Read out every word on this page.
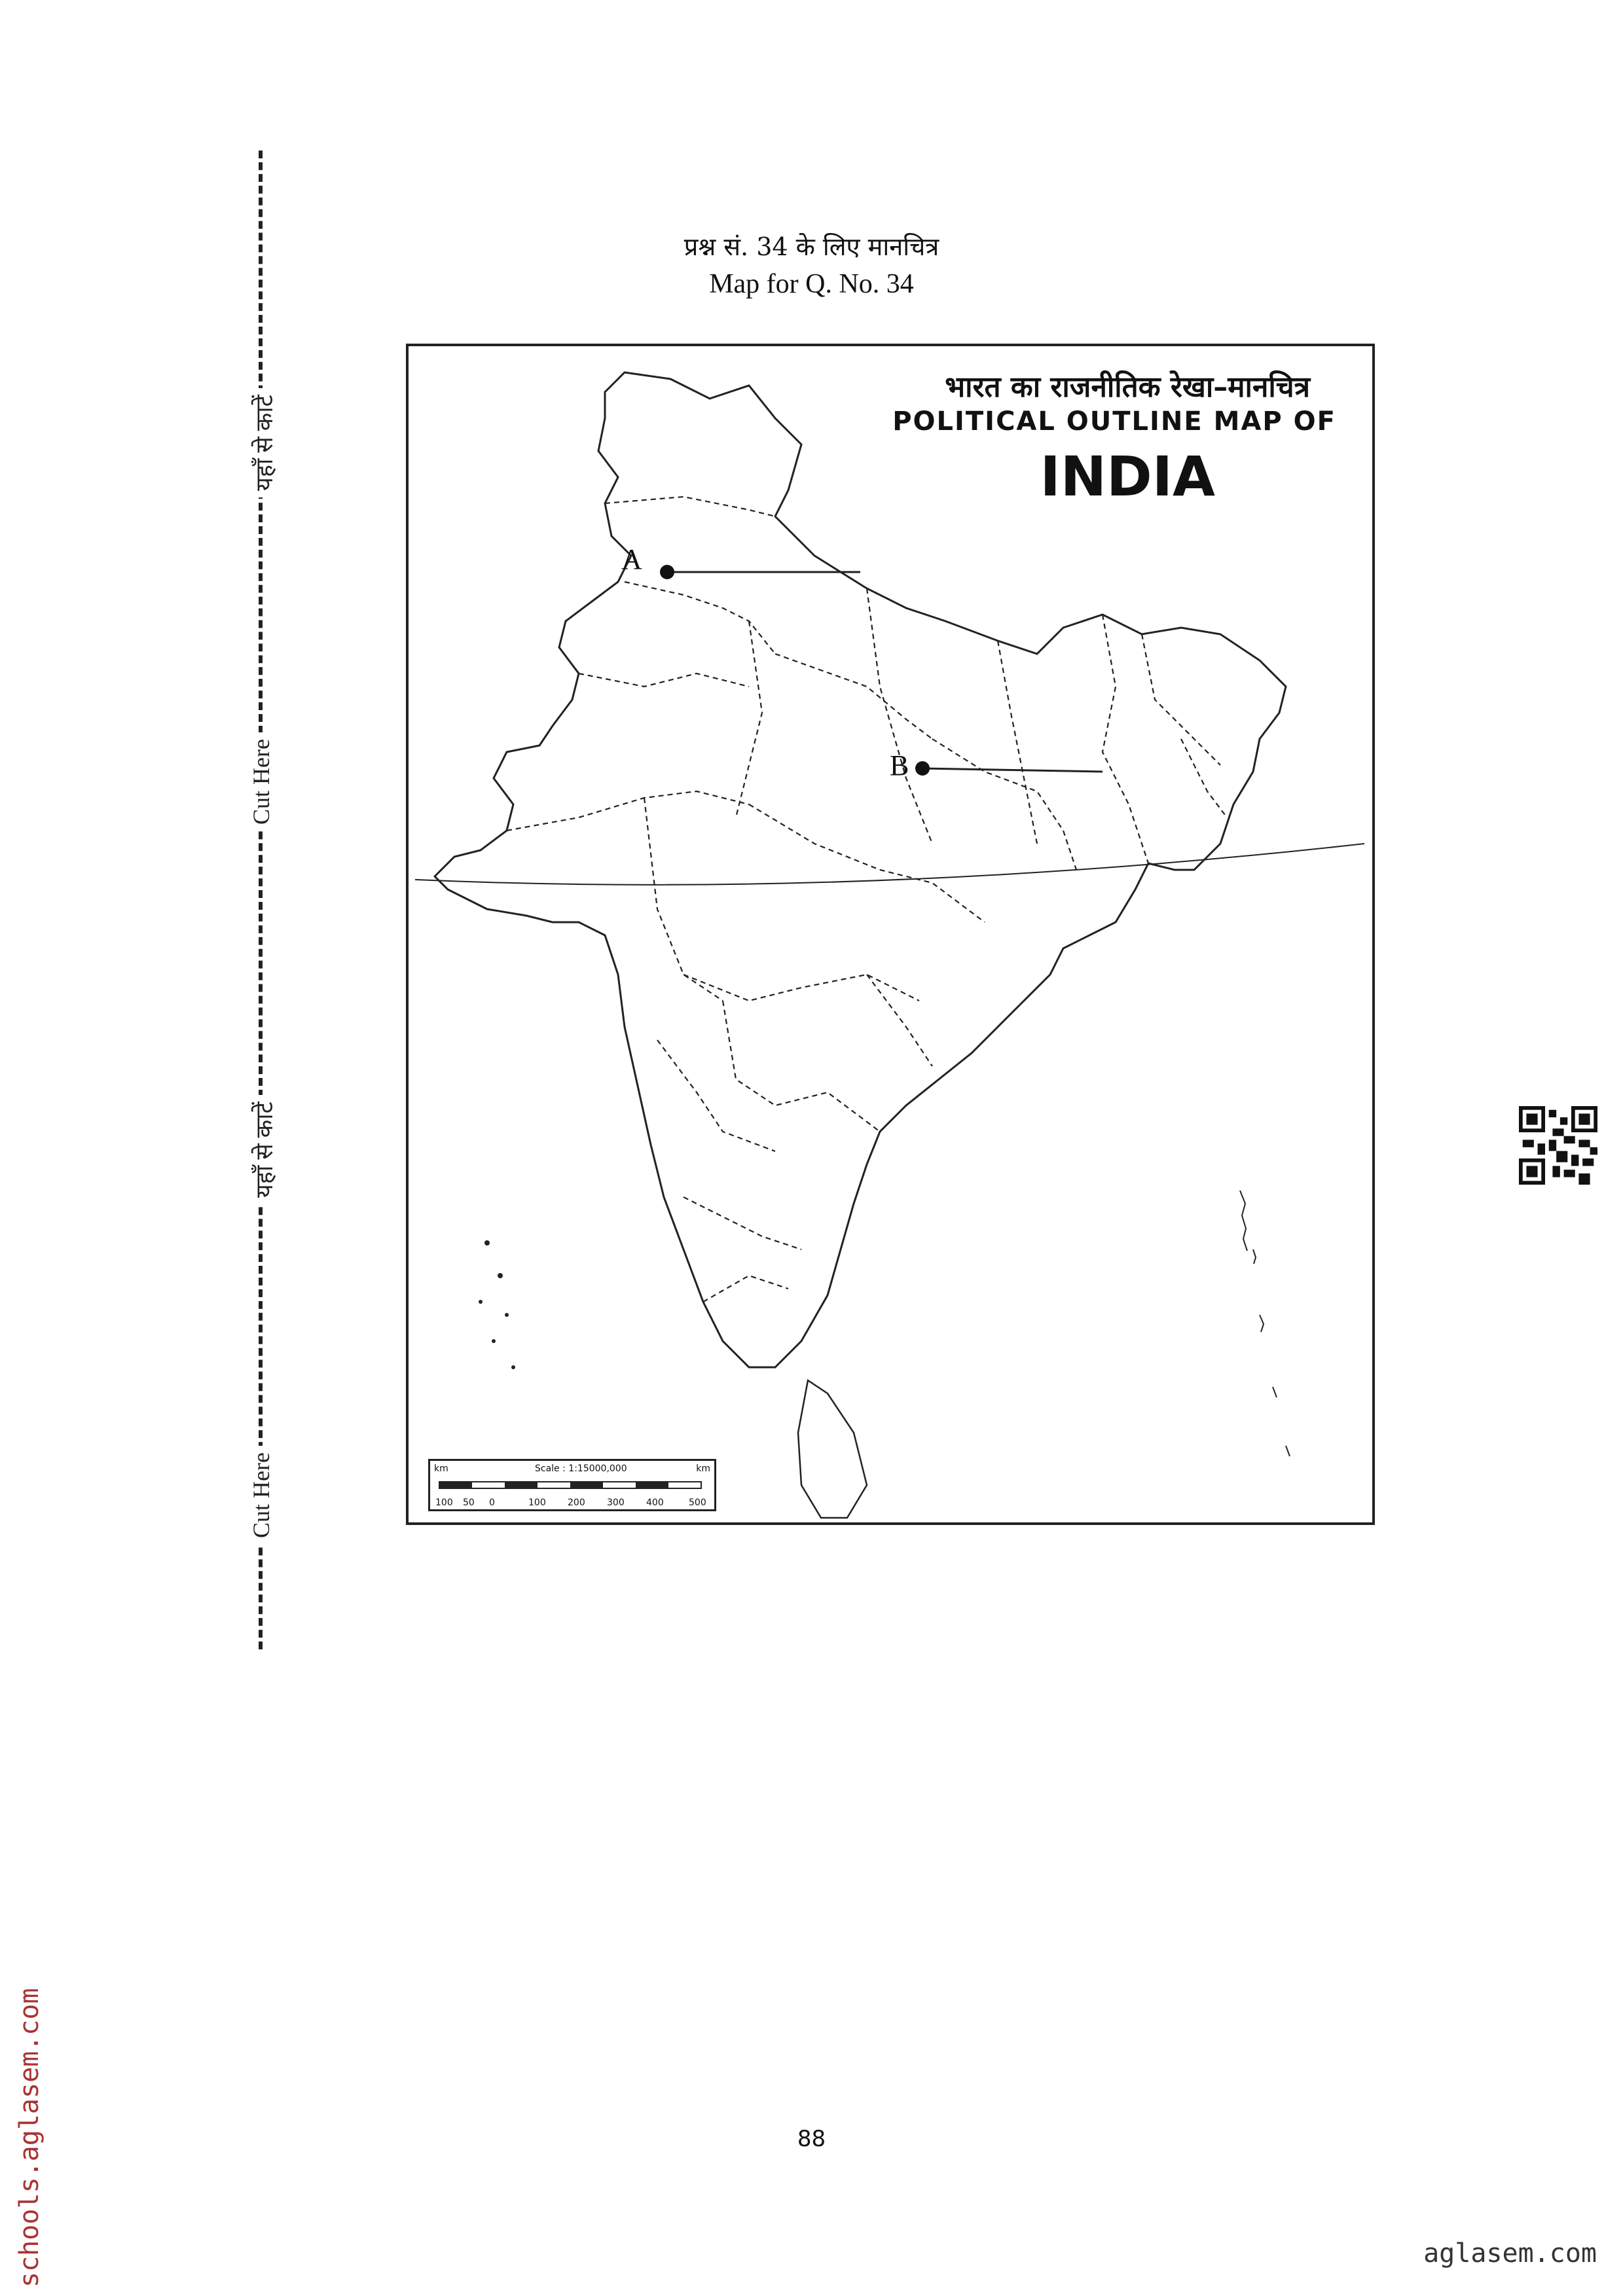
यहाँ से काटें
Cut Here
यहाँ से काटें
Cut Here
प्रश्न सं. 34 के लिए मानचित्र
Map for Q. No. 34
भारत का राजनीतिक रेखा–मानचित्र
POLITICAL OUTLINE MAP OF
INDIA
A
B
km	Scale : 1:15000,000	km
100 50 0	100 200 300 400	500
88
schools.aglasem.com	aglasem.com
